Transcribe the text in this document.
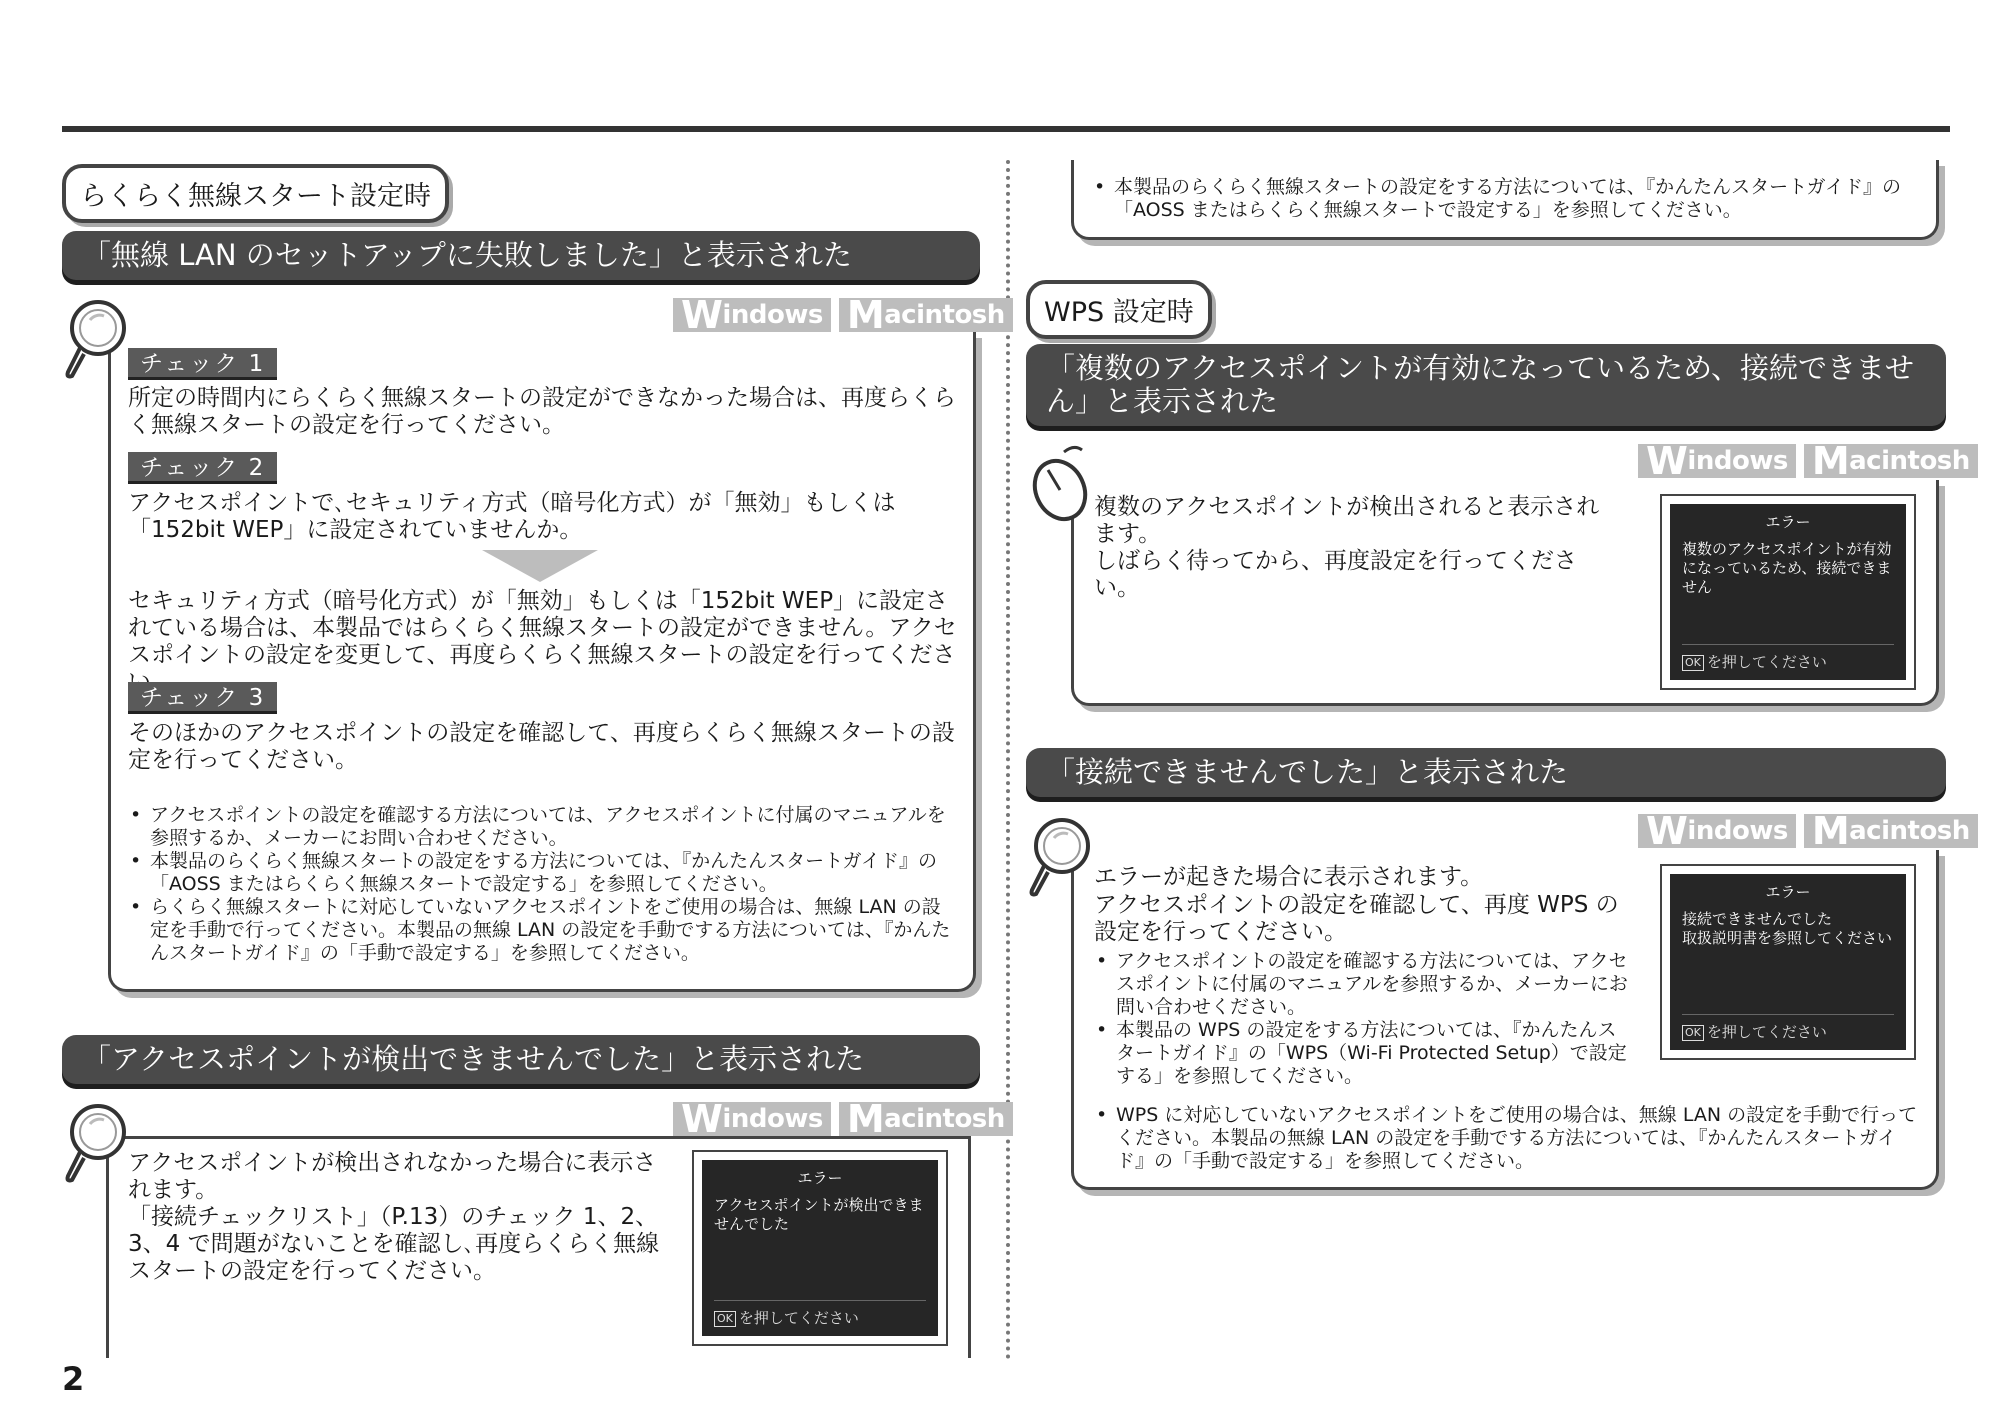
2
らくらく無線スタート設定時
「無線 LAN のセットアップに失敗しました」と表示された
Windows Macintosh
チェック 1
所定の時間内にらくらく無線スタートの設定ができなかった場合は、再度らくらく無線スタートの設定を行ってください。
チェック 2
アクセスポイントで､セキュリティ方式（暗号化方式）が「無効」もしくは「152bit WEP」に設定されていませんか。
セキュリティ方式（暗号化方式）が「無効」もしくは「152bit WEP」に設定されている場合は、本製品ではらくらく無線スタートの設定ができません。アクセスポイントの設定を変更して、再度らくらく無線スタートの設定を行ってくださ
チェック 3
そのほかのアクセスポイントの設定を確認して、再度らくらく無線スタートの設定を行ってください。
• アクセスポイントの設定を確認する方法については、アクセスポイントに付属のマニュアルを参照するか、メーカーにお問い合わせください。
• 本製品のらくらく無線スタートの設定をする方法については、『かんたんスタートガイド』の「AOSS またはらくらく無線スタートで設定する」を参照してください。
• らくらく無線スタートに対応していないアクセスポイントをご使用の場合は、無線 LAN の設定を手動で行ってください。本製品の無線 LAN の設定を手動でする方法については、『かんたんスタートガイド』の「手動で設定する」を参照してください。
「アクセスポイントが検出できませんでした」と表示された
Windows Macintosh
アクセスポイントが検出されなかった場合に表示されます。
「接続チェックリスト」（P.13）のチェック 1、2、3、4 で問題がないことを確認し､再度らくらく無線スタートの設定を行ってください。
エラー
アクセスポイントが検出できませんでした
OK を押してください
• 本製品のらくらく無線スタートの設定をする方法については、『かんたんスタートガイド』の「AOSS またはらくらく無線スタートで設定する」を参照してください。
WPS 設定時
「複数のアクセスポイントが有効になっているため、接続できません」と表示された
Windows Macintosh
複数のアクセスポイントが検出されると表示されます。
しばらく待ってから、再度設定を行ってください。
エラー
複数のアクセスポイントが有効になっているため、接続できません
OK を押してください
「接続できませんでした」と表示された
Windows Macintosh
エラーが起きた場合に表示されます。
アクセスポイントの設定を確認して、再度 WPS の設定を行ってください。
• アクセスポイントの設定を確認する方法については、アクセスポイントに付属のマニュアルを参照するか、メーカーにお問い合わせください。
• 本製品の WPS の設定をする方法については、『かんたんスタートガイド』の「WPS（Wi-Fi Protected Setup）で設定する」を参照してください。
• WPS に対応していないアクセスポイントをご使用の場合は、無線 LAN の設定を手動で行ってください。本製品の無線 LAN の設定を手動でする方法については、『かんたんスタートガイド』の「手動で設定する」を参照してください。
エラー
接続できませんでした
取扱説明書を参照してください
OK を押してください
